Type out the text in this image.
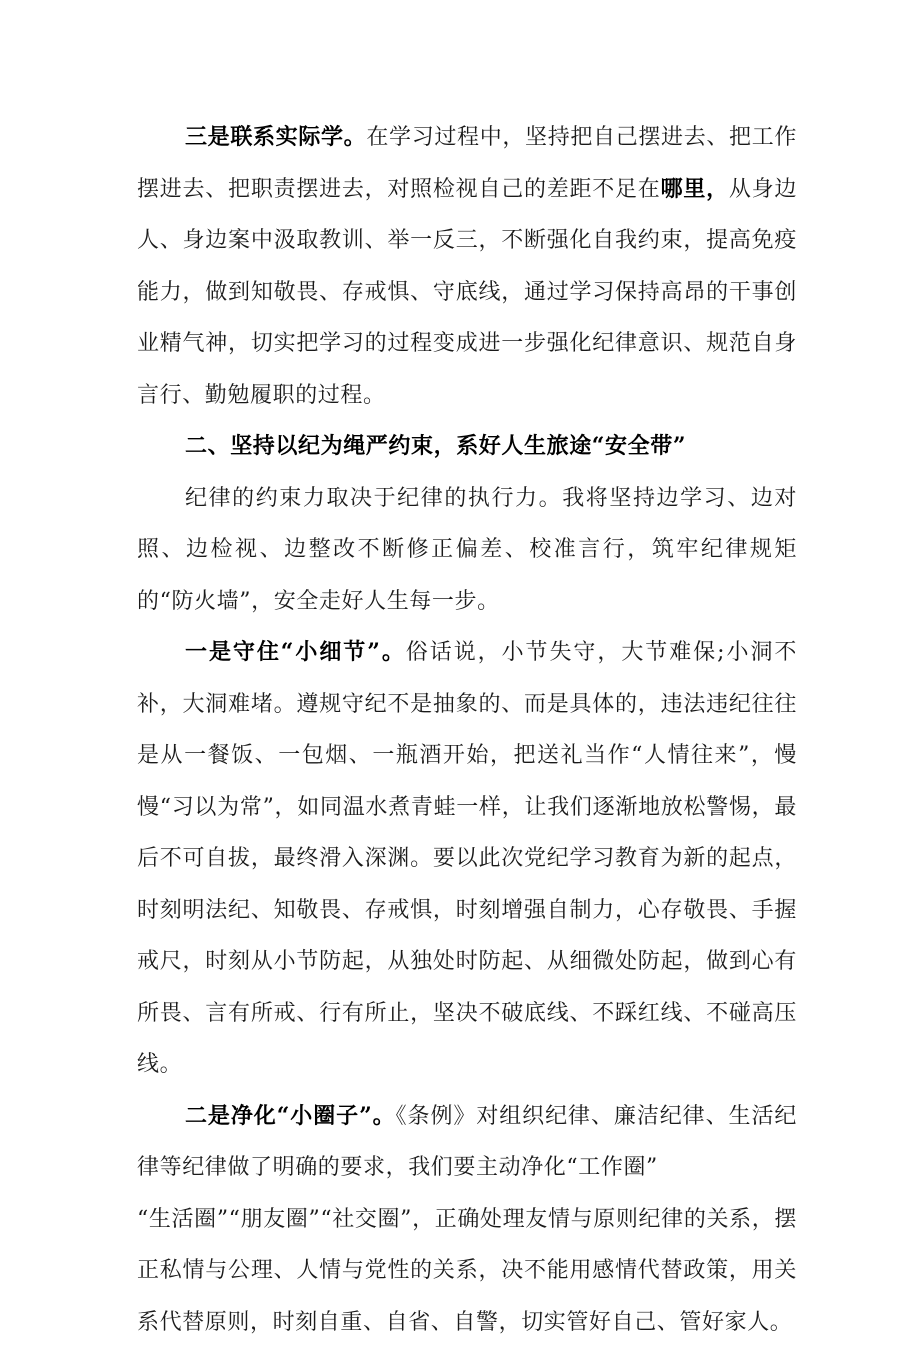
三是联系实际学。在学习过程中，坚持把自己摆进去、把工作摆进去、把职责摆进去，对照检视自己的差距不足在哪里，从身边人、身边案中汲取教训、举一反三，不断强化自我约束，提高免疫能力，做到知敬畏、存戒惧、守底线，通过学习保持高昂的干事创业精气神，切实把学习的过程变成进一步强化纪律意识、规范自身言行、勤勉履职的过程。

二、坚持以纪为绳严约束，系好人生旅途“安全带”

纪律的约束力取决于纪律的执行力。我将坚持边学习、边对照、边检视、边整改不断修正偏差、校准言行，筑牢纪律规矩的“防火墙”，安全走好人生每一步。

一是守住“小细节”。俗话说，小节失守，大节难保;小洞不补，大洞难堵。遵规守纪不是抽象的、而是具体的，违法违纪往往是从一餐饭、一包烟、一瓶酒开始，把送礼当作“人情往来”，慢慢“习以为常”，如同温水煮青蛙一样，让我们逐渐地放松警惕，最后不可自拔，最终滑入深渊。要以此次党纪学习教育为新的起点，时刻明法纪、知敬畏、存戒惧，时刻增强自制力，心存敬畏、手握戒尺，时刻从小节防起，从独处时防起、从细微处防起，做到心有所畏、言有所戒、行有所止，坚决不破底线、不踩红线、不碰高压线。

二是净化“小圈子”。《条例》对组织纪律、廉洁纪律、生活纪律等纪律做了明确的要求，我们要主动净化“工作圈”
“生活圈”“朋友圈”“社交圈”，正确处理友情与原则纪律的关系，摆正私情与公理、人情与党性的关系，决不能用感情代替政策，用关系代替原则，时刻自重、自省、自警，切实管好自己、管好家人。
